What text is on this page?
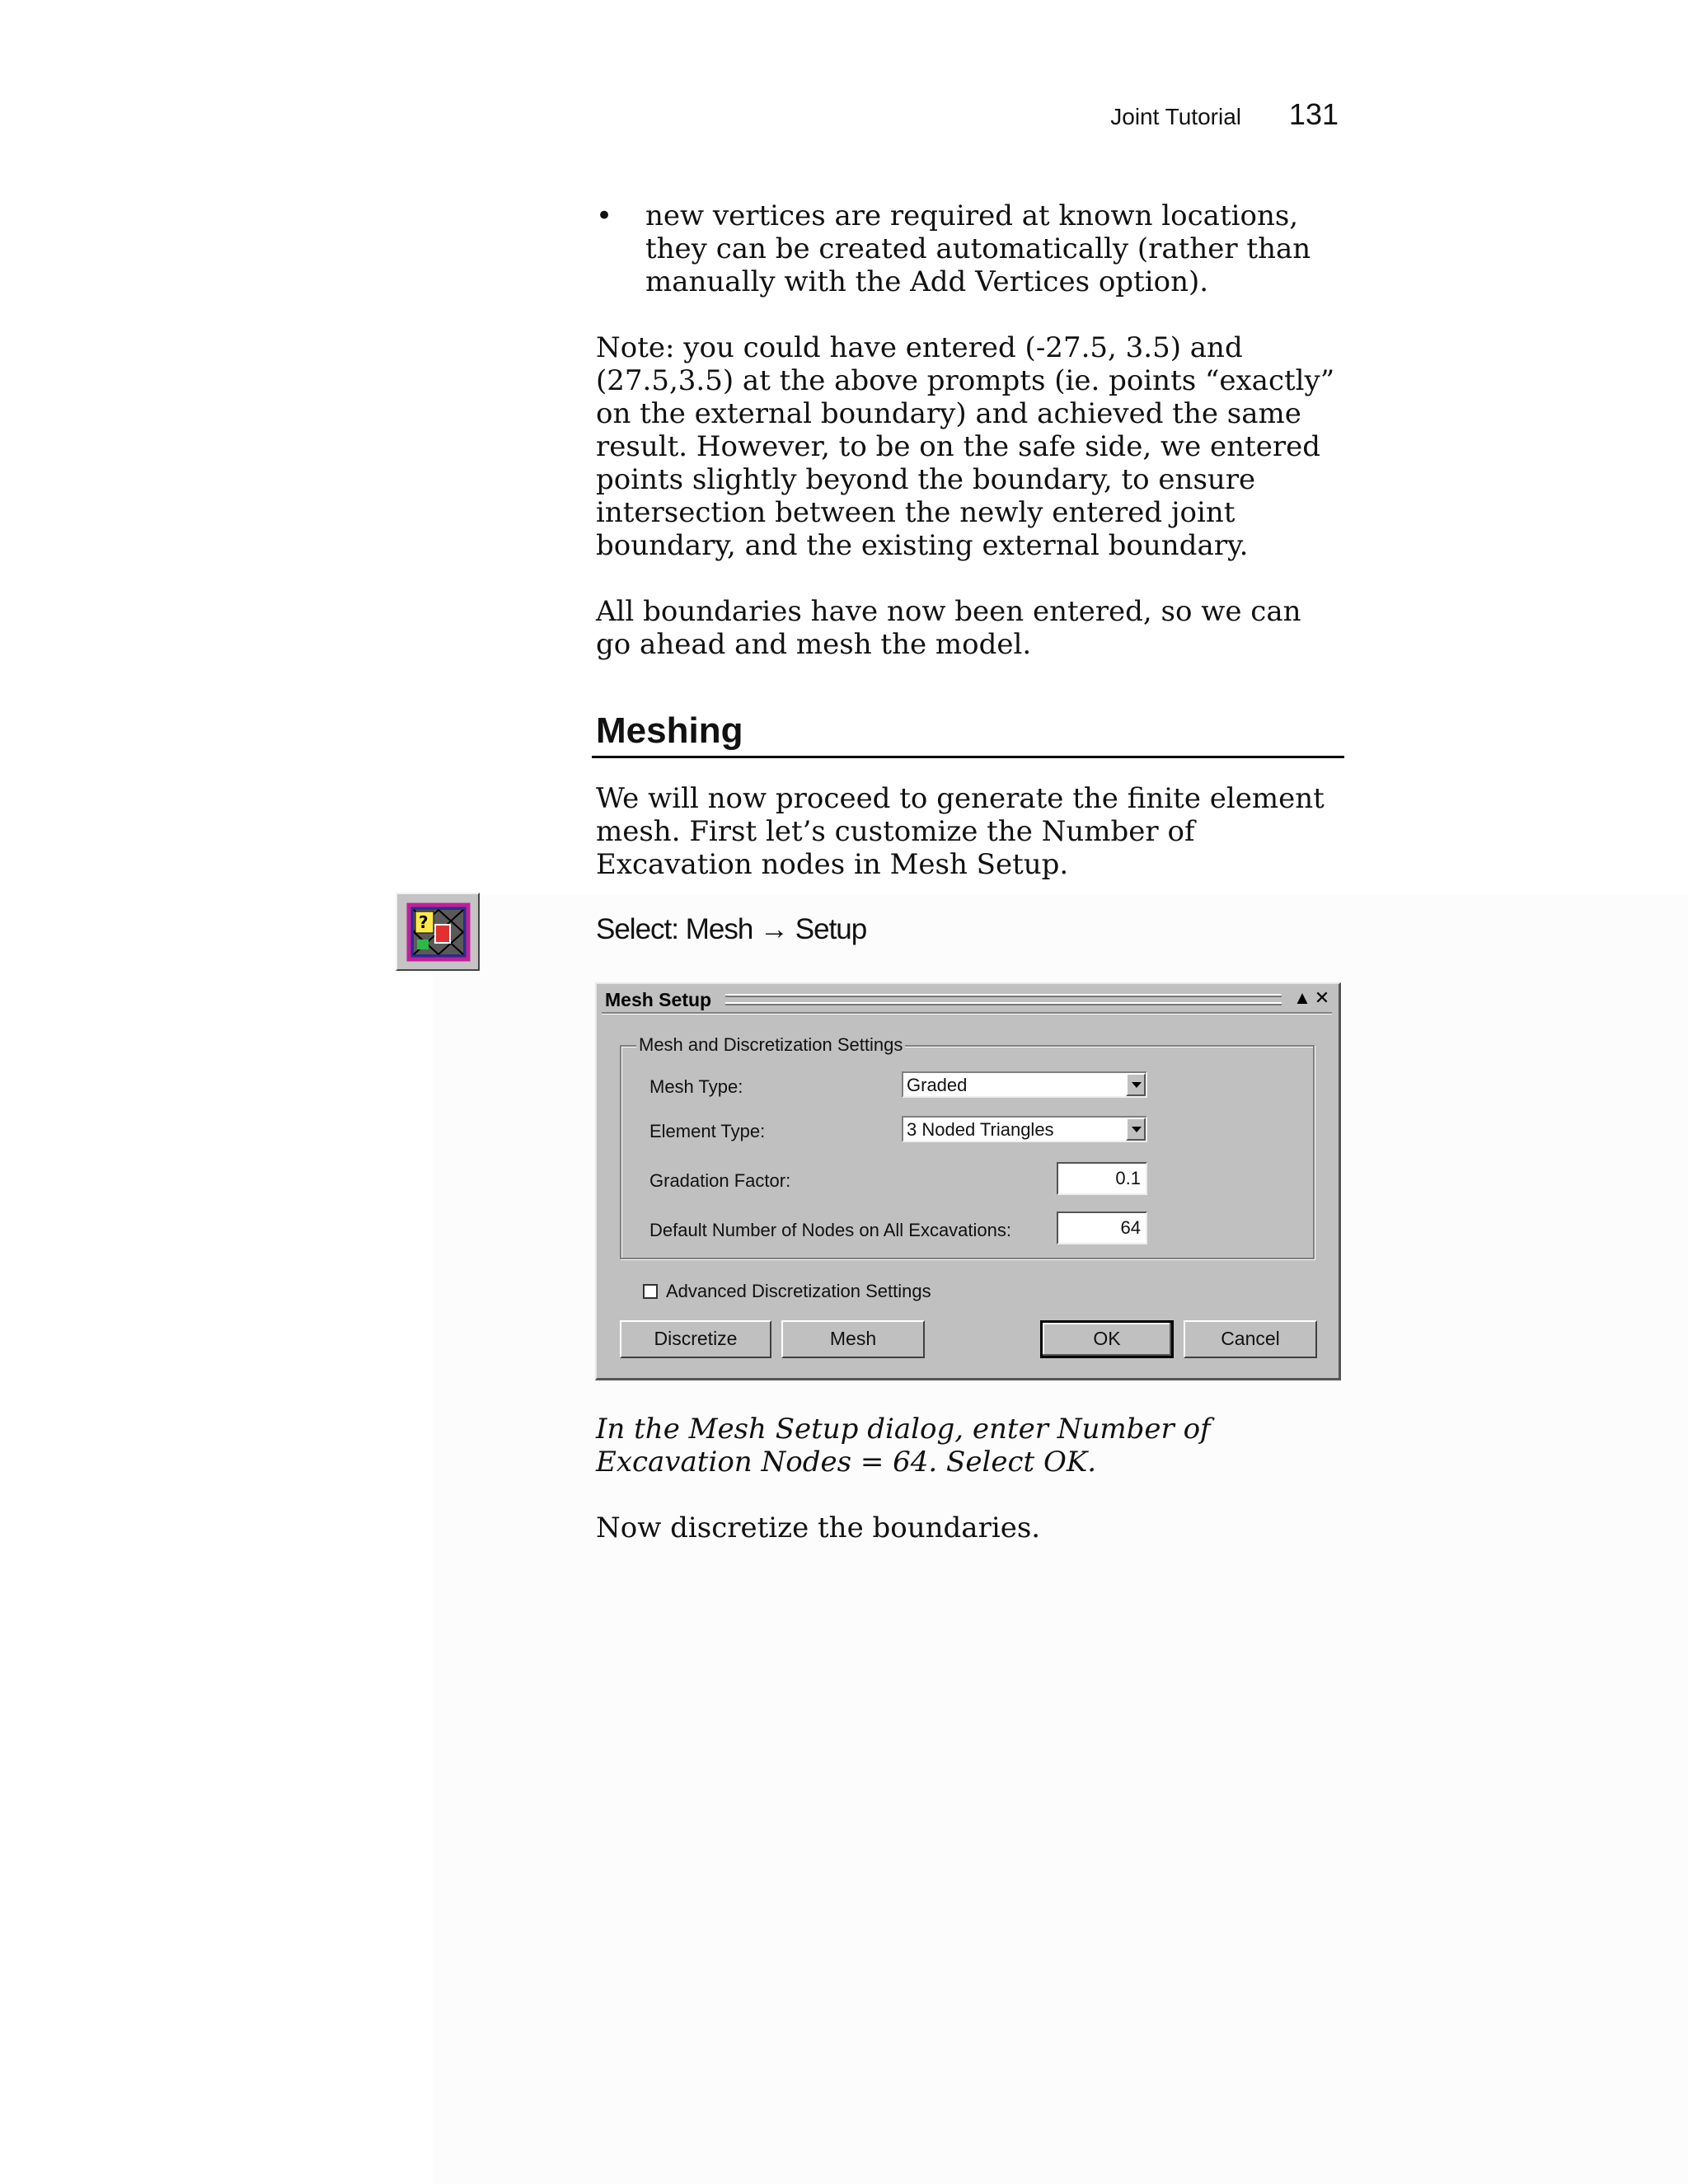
Joint Tutorial 131
• new vertices are required at known locations, they can be created automatically (rather than manually with the Add Vertices option).

Note: you could have entered (-27.5, 3.5) and (27.5,3.5) at the above prompts (ie. points “exactly” on the external boundary) and achieved the same result. However, to be on the safe side, we entered points slightly beyond the boundary, to ensure intersection between the newly entered joint boundary, and the existing external boundary.

All boundaries have now been entered, so we can go ahead and mesh the model.

Meshing

We will now proceed to generate the finite element mesh. First let’s customize the Number of Excavation nodes in Mesh Setup.

?	Select: Mesh → Setup
Mesh Setup	▲ ✕
Mesh and Discretization Settings
Mesh Type:	Graded
Element Type:	3 Noded Triangles
Gradation Factor:	0.1
Default Number of Nodes on All Excavations:	64
Advanced Discretization Settings
Discretize	Mesh	OK	Cancel

In the Mesh Setup dialog, enter Number of Excavation Nodes = 64. Select OK.

Now discretize the boundaries.
